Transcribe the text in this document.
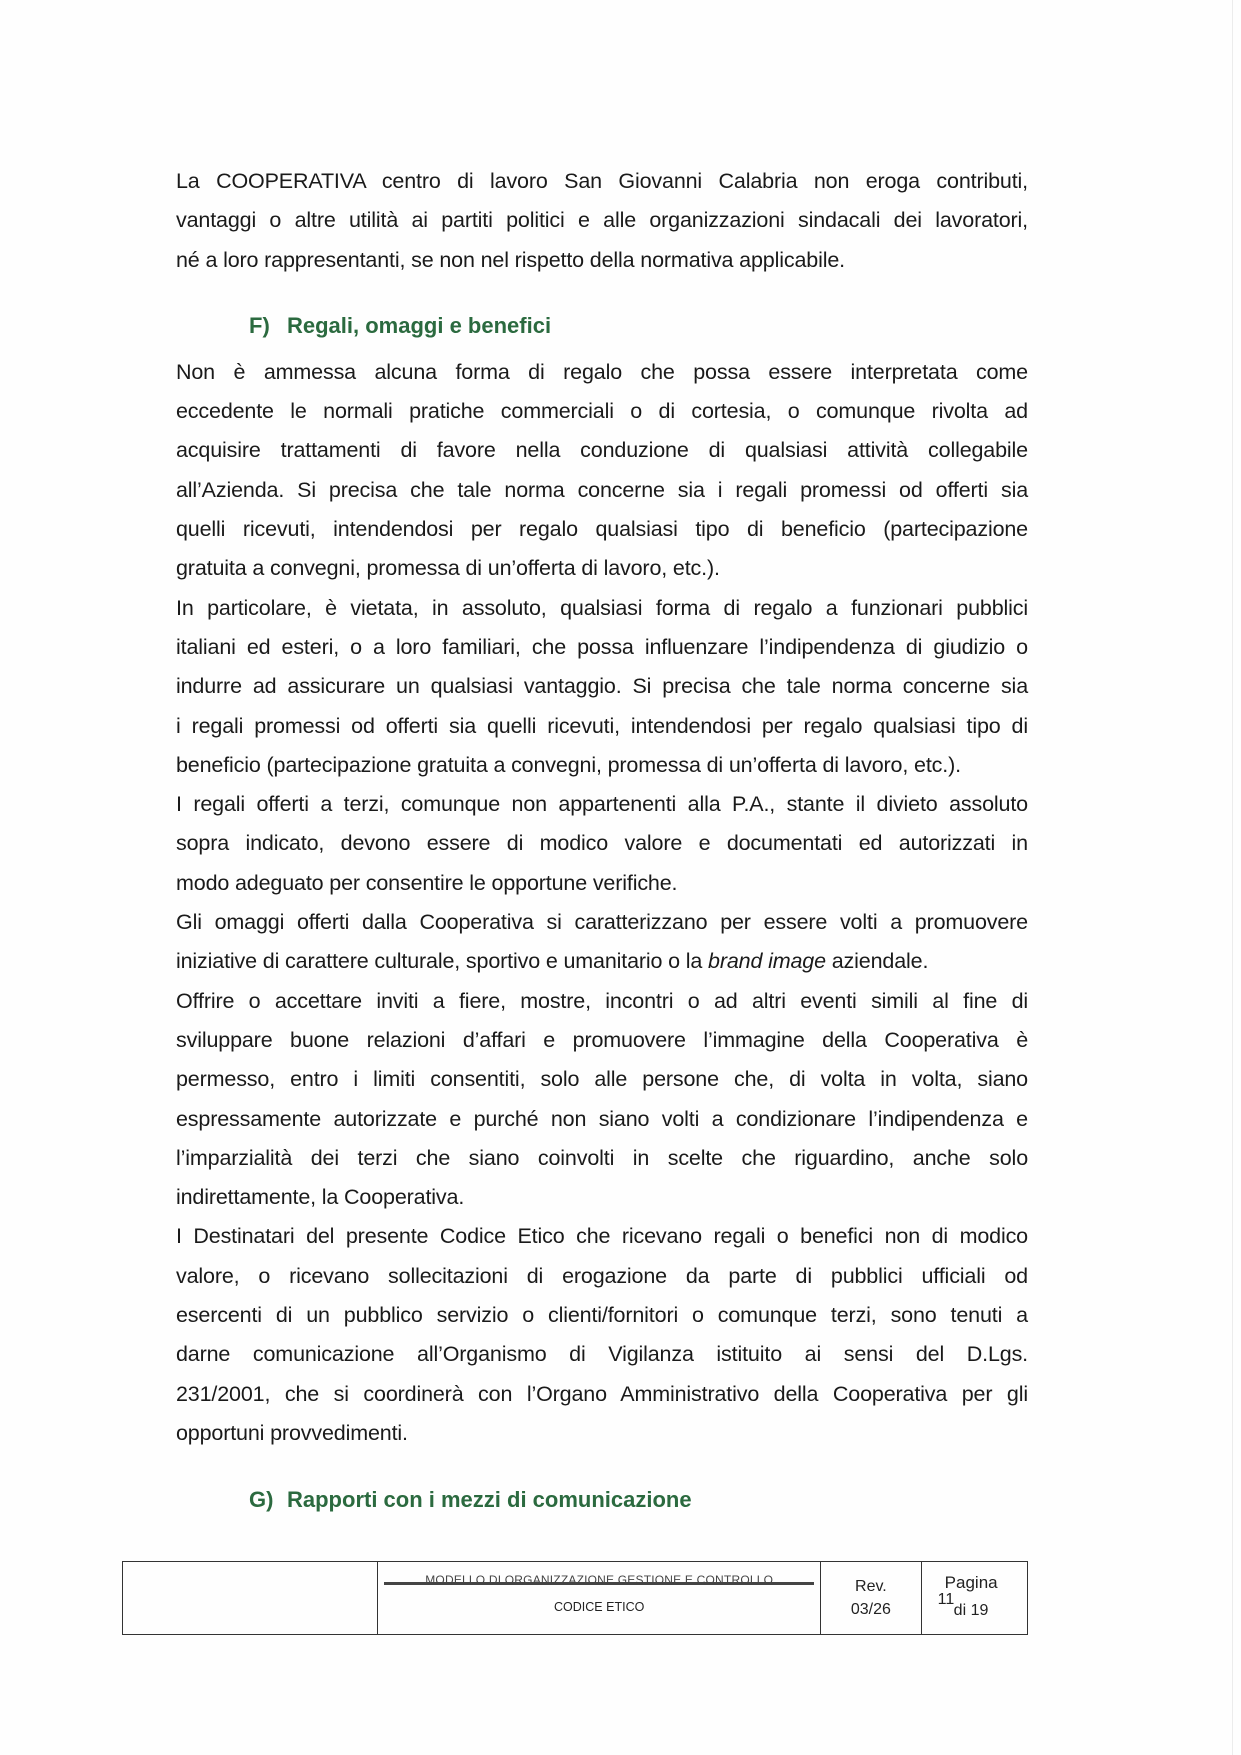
La COOPERATIVA centro di lavoro San Giovanni Calabria non eroga contributi,
vantaggi o altre utilità ai partiti politici e alle organizzazioni sindacali dei lavoratori,
né a loro rappresentanti, se non nel rispetto della normativa applicabile.

F) Regali, omaggi e benefici

Non è ammessa alcuna forma di regalo che possa essere interpretata come
eccedente le normali pratiche commerciali o di cortesia, o comunque rivolta ad
acquisire trattamenti di favore nella conduzione di qualsiasi attività collegabile
all’Azienda. Si precisa che tale norma concerne sia i regali promessi od offerti sia
quelli ricevuti, intendendosi per regalo qualsiasi tipo di beneficio (partecipazione
gratuita a convegni, promessa di un’offerta di lavoro, etc.).

In particolare, è vietata, in assoluto, qualsiasi forma di regalo a funzionari pubblici
italiani ed esteri, o a loro familiari, che possa influenzare l’indipendenza di giudizio o
indurre ad assicurare un qualsiasi vantaggio. Si precisa che tale norma concerne sia
i regali promessi od offerti sia quelli ricevuti, intendendosi per regalo qualsiasi tipo di
beneficio (partecipazione gratuita a convegni, promessa di un’offerta di lavoro, etc.).

I regali offerti a terzi, comunque non appartenenti alla P.A., stante il divieto assoluto
sopra indicato, devono essere di modico valore e documentati ed autorizzati in
modo adeguato per consentire le opportune verifiche.

Gli omaggi offerti dalla Cooperativa si caratterizzano per essere volti a promuovere
iniziative di carattere culturale, sportivo e umanitario o la brand image aziendale.

Offrire o accettare inviti a fiere, mostre, incontri o ad altri eventi simili al fine di
sviluppare buone relazioni d’affari e promuovere l’immagine della Cooperativa è
permesso, entro i limiti consentiti, solo alle persone che, di volta in volta, siano
espressamente autorizzate e purché non siano volti a condizionare l’indipendenza e
l’imparzialità dei terzi che siano coinvolti in scelte che riguardino, anche solo
indirettamente, la Cooperativa.

I Destinatari del presente Codice Etico che ricevano regali o benefici non di modico
valore, o ricevano sollecitazioni di erogazione da parte di pubblici ufficiali od
esercenti di un pubblico servizio o clienti/fornitori o comunque terzi, sono tenuti a
darne comunicazione all’Organismo di Vigilanza istituito ai sensi del D.Lgs.
231/2001, che si coordinerà con l’Organo Amministrativo della Cooperativa per gli
opportuni provvedimenti.

G) Rapporti con i mezzi di comunicazione

MODELLO DI ORGANIZZAZIONE GESTIONE E CONTROLLO
CODICE ETICO

Rev.
03/26

Pagina
11
di 19
